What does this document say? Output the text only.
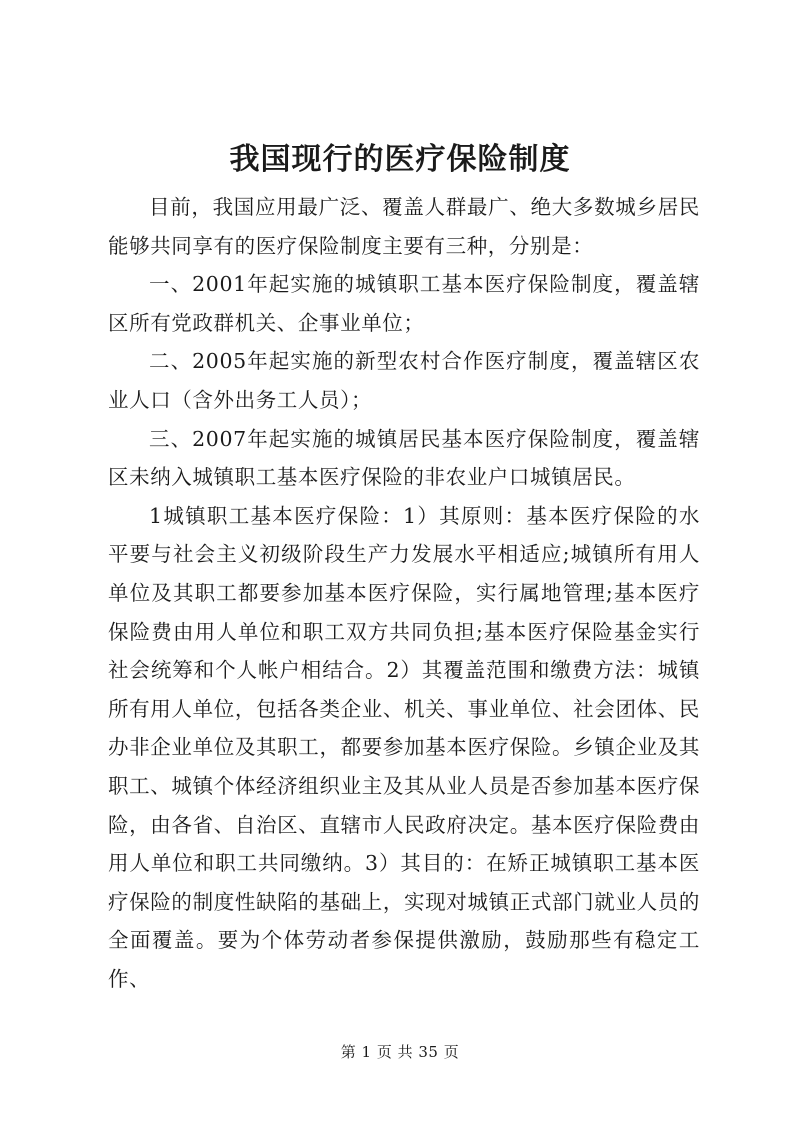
我国现行的医疗保险制度

目前，我国应用最广泛、覆盖人群最广、绝大多数城乡居民能够共同享有的医疗保险制度主要有三种，分别是：

一、2001年起实施的城镇职工基本医疗保险制度，覆盖辖区所有党政群机关、企事业单位；

二、2005年起实施的新型农村合作医疗制度，覆盖辖区农业人口（含外出务工人员）；

三、2007年起实施的城镇居民基本医疗保险制度，覆盖辖区未纳入城镇职工基本医疗保险的非农业户口城镇居民。

1城镇职工基本医疗保险：1）其原则：基本医疗保险的水平要与社会主义初级阶段生产力发展水平相适应;城镇所有用人单位及其职工都要参加基本医疗保险，实行属地管理;基本医疗保险费由用人单位和职工双方共同负担;基本医疗保险基金实行社会统筹和个人帐户相结合。2）其覆盖范围和缴费方法：城镇所有用人单位，包括各类企业、机关、事业单位、社会团体、民办非企业单位及其职工，都要参加基本医疗保险。乡镇企业及其职工、城镇个体经济组织业主及其从业人员是否参加基本医疗保险，由各省、自治区、直辖市人民政府决定。基本医疗保险费由用人单位和职工共同缴纳。3）其目的：在矫正城镇职工基本医疗保险的制度性缺陷的基础上，实现对城镇正式部门就业人员的全面覆盖。要为个体劳动者参保提供激励，鼓励那些有稳定工作、

第 1 页 共 35 页
